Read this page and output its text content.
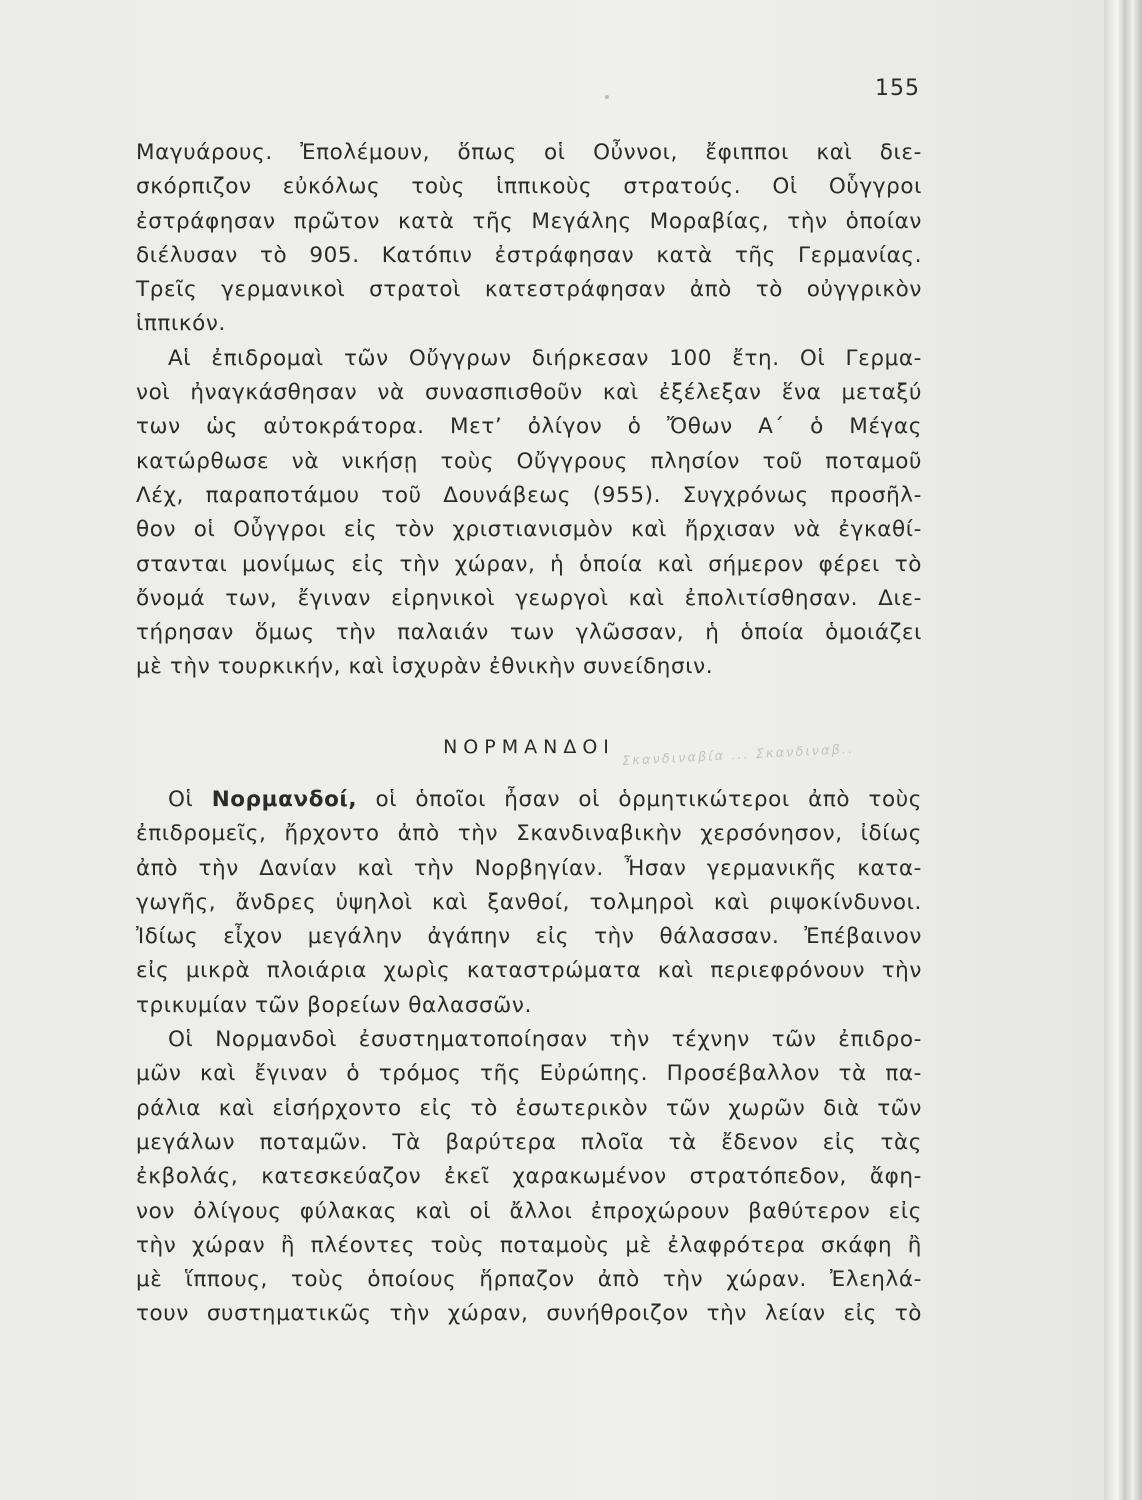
155
Μαγυάρους. Ἐπολέμουν, ὅπως οἱ Οὖννοι, ἔφιπποι καὶ διε-
σκόρπιζον εὐκόλως τοὺς ἱππικοὺς στρατούς. Οἱ Οὗγγροι
ἐστράφησαν πρῶτον κατὰ τῆς Μεγάλης Μοραβίας, τὴν ὁποίαν
διέλυσαν τὸ 905. Κατόπιν ἐστράφησαν κατὰ τῆς Γερμανίας.
Τρεῖς γερμανικοὶ στρατοὶ κατεστράφησαν ἀπὸ τὸ οὐγγρικὸν
ἱππικόν.
Αἱ ἐπιδρομαὶ τῶν Οὔγγρων διήρκεσαν 100 ἔτη. Οἱ Γερμα-
νοὶ ἠναγκάσθησαν νὰ συνασπισθοῦν καὶ ἐξέλεξαν ἕνα μεταξύ
των ὡς αὐτοκράτορα. Μετ’ ὀλίγον ὁ Ὄθων Α΄ ὁ Μέγας
κατώρθωσε νὰ νικήσῃ τοὺς Οὔγγρους πλησίον τοῦ ποταμοῦ
Λέχ, παραποτάμου τοῦ Δουνάβεως (955). Συγχρόνως προσῆλ-
θον οἱ Οὖγγροι εἰς τὸν χριστιανισμὸν καὶ ἤρχισαν νὰ ἐγκαθί-
στανται μονίμως εἰς τὴν χώραν, ἡ ὁποία καὶ σήμερον φέρει τὸ
ὄνομά των, ἔγιναν εἰρηνικοὶ γεωργοὶ καὶ ἐπολιτίσθησαν. Διε-
τήρησαν ὅμως τὴν παλαιάν των γλῶσσαν, ἡ ὁποία ὁμοιάζει
μὲ τὴν τουρκικήν, καὶ ἰσχυρὰν ἐθνικὴν συνείδησιν.
ΝΟΡΜΑΝΔΟΙ Σκανδιναβία ... Σκανδιναβ..
Οἱ Νορμανδοί, οἱ ὁποῖοι ἦσαν οἱ ὁρμητικώτεροι ἀπὸ τοὺς
ἐπιδρομεῖς, ἤρχοντο ἀπὸ τὴν Σκανδιναβικὴν χερσόνησον, ἰδίως
ἀπὸ τὴν Δανίαν καὶ τὴν Νορβηγίαν. Ἦσαν γερμανικῆς κατα-
γωγῆς, ἄνδρες ὑψηλοὶ καὶ ξανθοί, τολμηροὶ καὶ ριψοκίνδυνοι.
Ἰδίως εἶχον μεγάλην ἀγάπην εἰς τὴν θάλασσαν. Ἐπέβαινον
εἰς μικρὰ πλοιάρια χωρὶς καταστρώματα καὶ περιεφρόνουν τὴν
τρικυμίαν τῶν βορείων θαλασσῶν.
Οἱ Νορμανδοὶ ἐσυστηματοποίησαν τὴν τέχνην τῶν ἐπιδρο-
μῶν καὶ ἔγιναν ὁ τρόμος τῆς Εὐρώπης. Προσέβαλλον τὰ πα-
ράλια καὶ εἰσήρχοντο εἰς τὸ ἐσωτερικὸν τῶν χωρῶν διὰ τῶν
μεγάλων ποταμῶν. Τὰ βαρύτερα πλοῖα τὰ ἔδενον εἰς τὰς
ἐκβολάς, κατεσκεύαζον ἐκεῖ χαρακωμένον στρατόπεδον, ἄφη-
νον ὀλίγους φύλακας καὶ οἱ ἄλλοι ἐπροχώρουν βαθύτερον εἰς
τὴν χώραν ἢ πλέοντες τοὺς ποταμοὺς μὲ ἐλαφρότερα σκάφη ἢ
μὲ ἵππους, τοὺς ὁποίους ἥρπαζον ἀπὸ τὴν χώραν. Ἐλεηλά-
τουν συστηματικῶς τὴν χώραν, συνήθροιζον τὴν λείαν εἰς τὸ
